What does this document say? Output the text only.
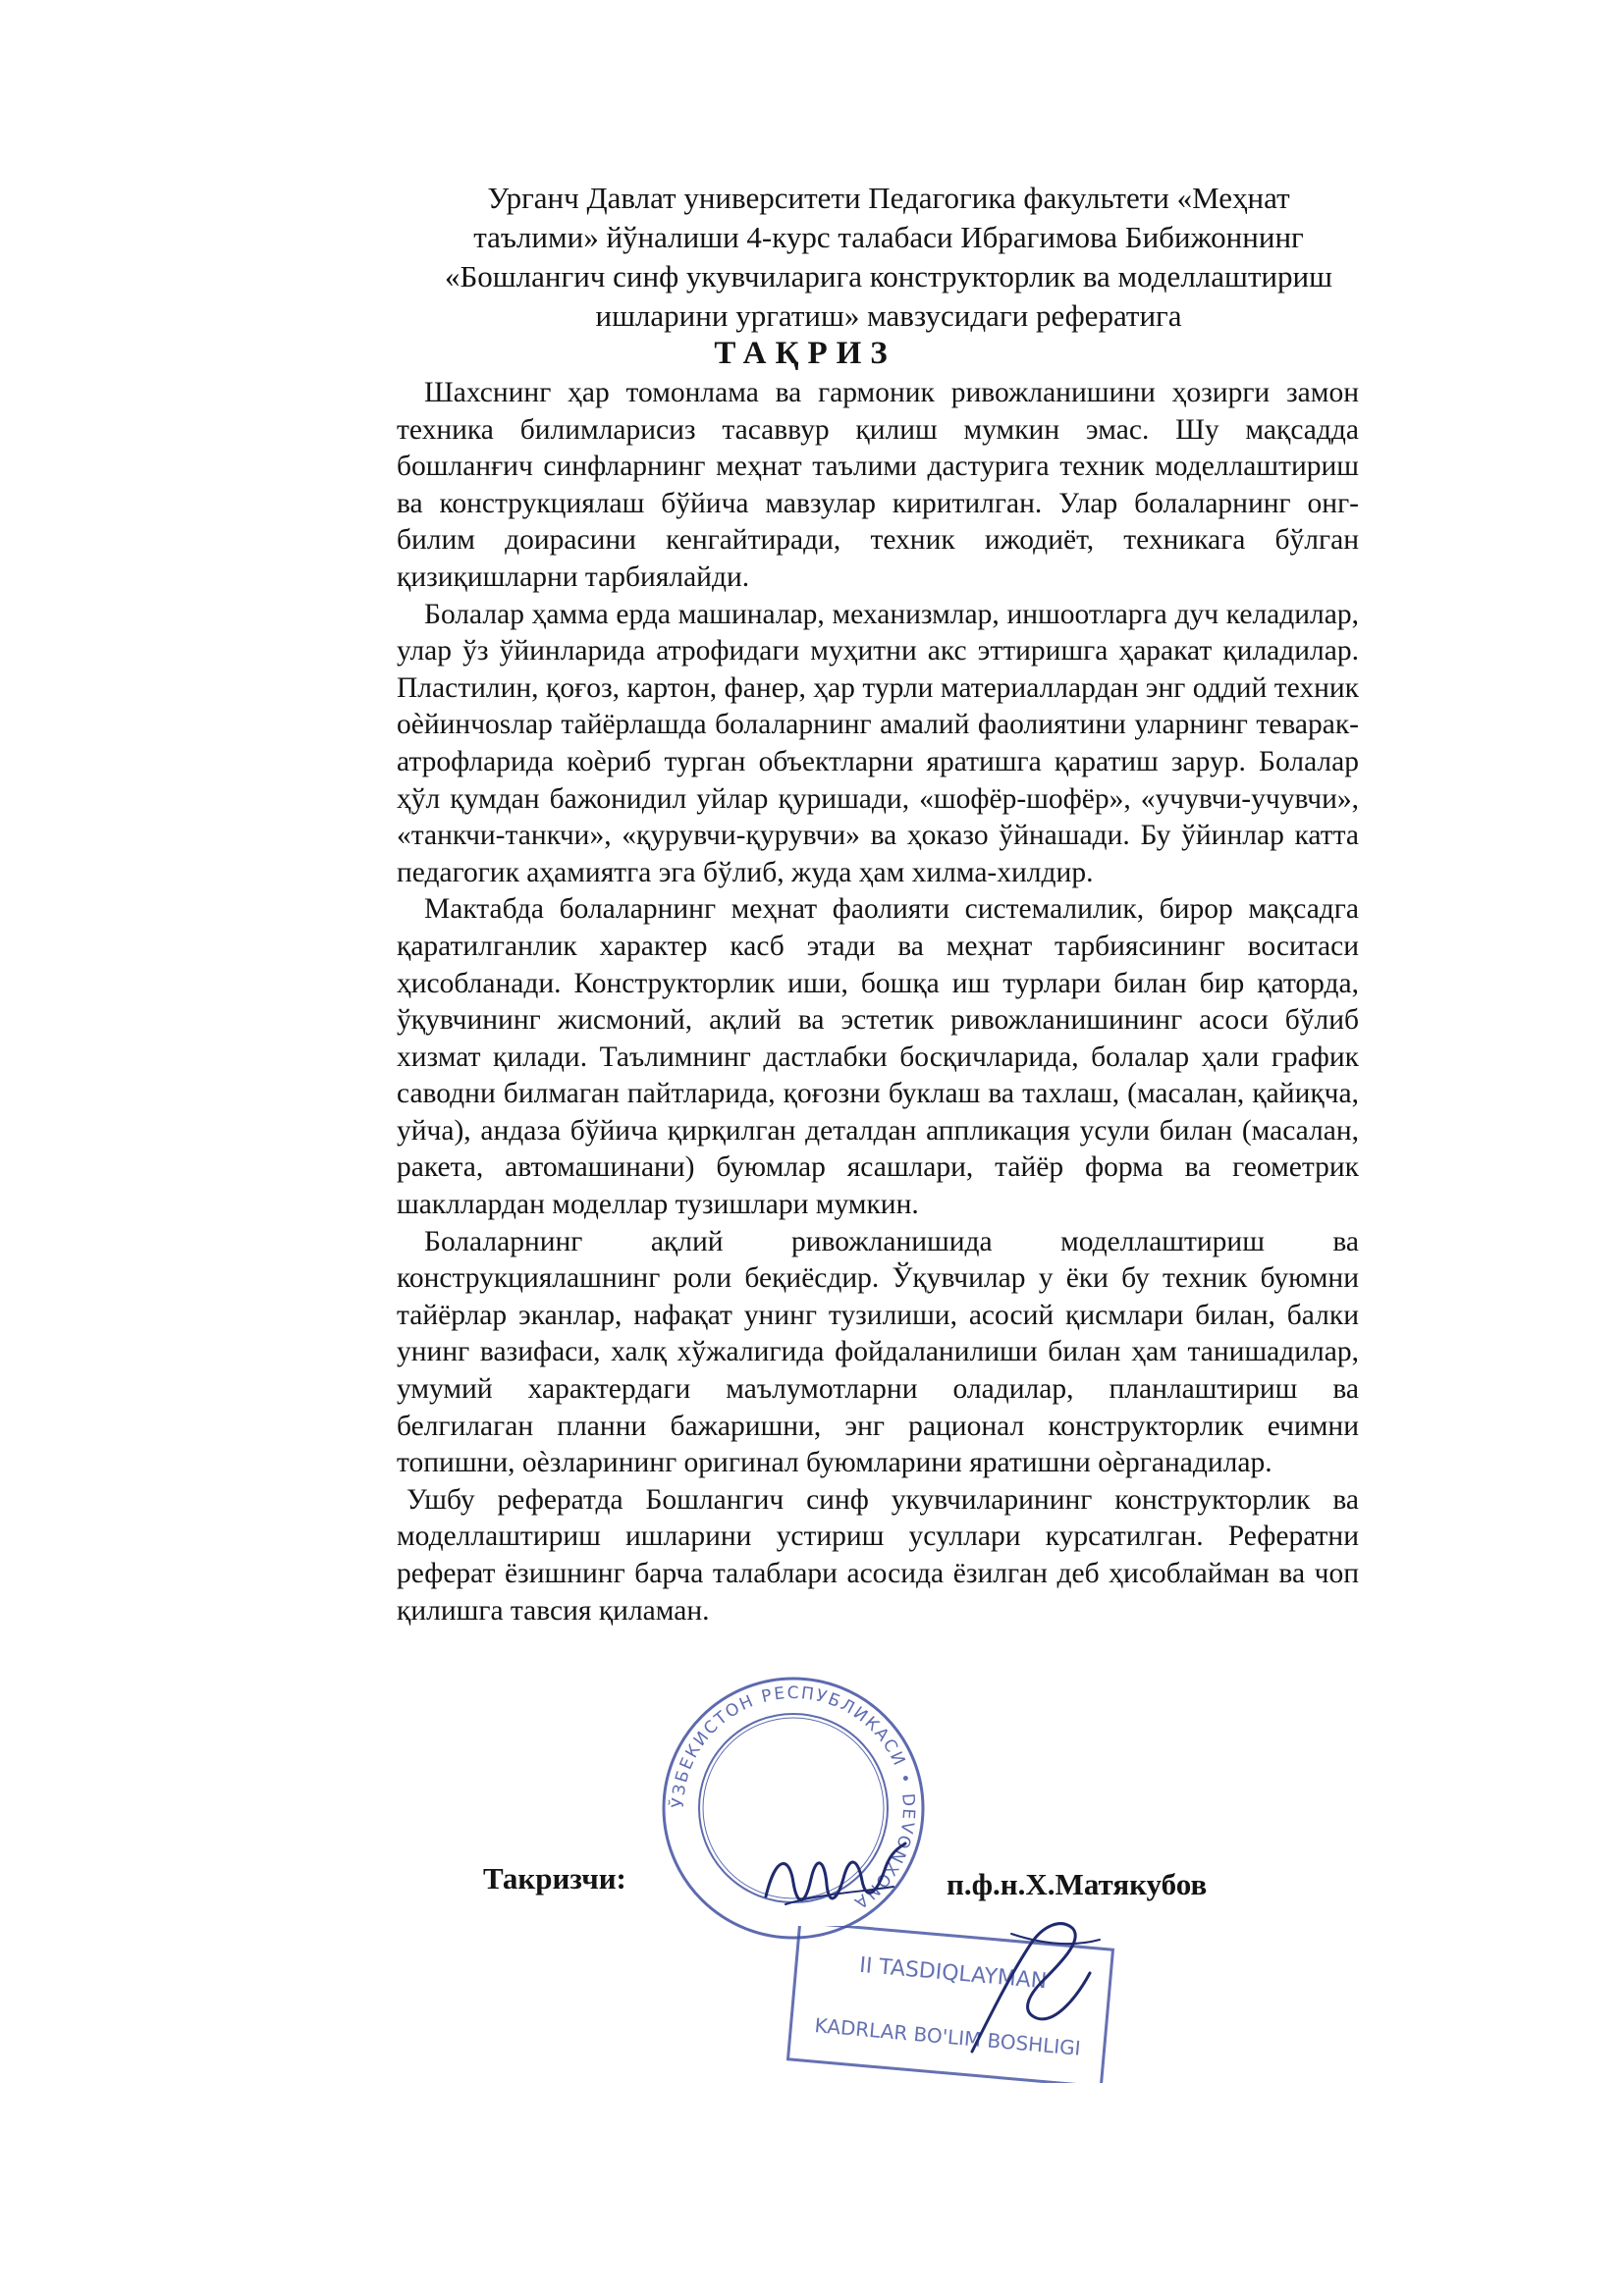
Урганч Давлат университети Педагогика факультети «Меҳнат
таълими» йўналиши 4-курс талабаси Ибрагимова Бибижоннинг
«Бошлангич синф укувчиларига конструкторлик ва моделлаштириш
ишларини ургатиш» мавзусидаги рефератига
ТАҚРИЗ

Шахснинг ҳар томонлама ва гармоник ривожланишини ҳозирги замон техника билимларисиз тасаввур қилиш мумкин эмас. Шу мақсадда бошланғич синфларнинг меҳнат таълими дастурига техник моделлаштириш ва конструкциялаш бўйича мавзулар киритилган. Улар болаларнинг онг-билим доирасини кенгайтиради, техник ижодиёт, техникага бўлган қизиқишларни тарбиялайди.

Болалар ҳамма ерда машиналар, механизмлар, иншоотларга дуч келадилар, улар ўз ўйинларида атрофидаги муҳитни акс эттиришга ҳаракат қиладилар. Пластилин, қоғоз, картон, фанер, ҳар турли материаллардан энг оддий техник оѐйинчоѕлар тайёрлашда болаларнинг амалий фаолиятини уларнинг теварак-атрофларида коѐриб турган объектларни яратишга қаратиш зарур. Болалар ҳўл қумдан бажонидил уйлар қуришади, «шофёр-шофёр», «учувчи-учувчи», «танкчи-танкчи», «қурувчи-қурувчи» ва ҳоказо ўйнашади. Бу ўйинлар катта педагогик аҳамиятга эга бўлиб, жуда ҳам хилма-хилдир.

Мактабда болаларнинг меҳнат фаолияти системалилик, бирор мақсадга қаратилганлик характер касб этади ва меҳнат тарбиясининг воситаси ҳисобланади. Конструкторлик иши, бошқа иш турлари билан бир қаторда, ўқувчининг жисмоний, ақлий ва эстетик ривожланишининг асоси бўлиб хизмат қилади. Таълимнинг дастлабки босқичларида, болалар ҳали график саводни билмаган пайтларида, қоғозни буклаш ва тахлаш, (масалан, қайиқча, уйча), андаза бўйича қирқилган деталдан аппликация усули билан (масалан, ракета, автомашинани) буюмлар ясашлари, тайёр форма ва геометрик шакллардан моделлар тузишлари мумкин.

Болаларнинг ақлий ривожланишида моделлаштириш ва конструкциялашнинг роли беқиёсдир. Ўқувчилар у ёки бу техник буюмни тайёрлар эканлар, нафақат унинг тузилиши, асосий қисмлари билан, балки унинг вазифаси, халқ хўжалигида фойдаланилиши билан ҳам танишадилар, умумий характердаги маълумотларни оладилар, планлаштириш ва белгилаган планни бажаришни, энг рационал конструкторлик ечимни топишни, оѐзларининг оригинал буюмларини яратишни оѐрганадилар.

Ушбу рефератда Бошлангич синф укувчиларининг конструкторлик ва моделлаштириш ишларини устириш усуллари курсатилган. Рефератни реферат ёзишнинг барча талаблари асосида ёзилган деб ҳисоблайман ва чоп қилишга тавсия қиламан.

ЎЗБЕКИСТОН РЕСПУБЛИКАСИ • DEVONXONA
II TASDIQLAYMAN
KADRLAR BO'LIM BOSHLIGI
Такризчи:	п.ф.н.Х.Матякубов
